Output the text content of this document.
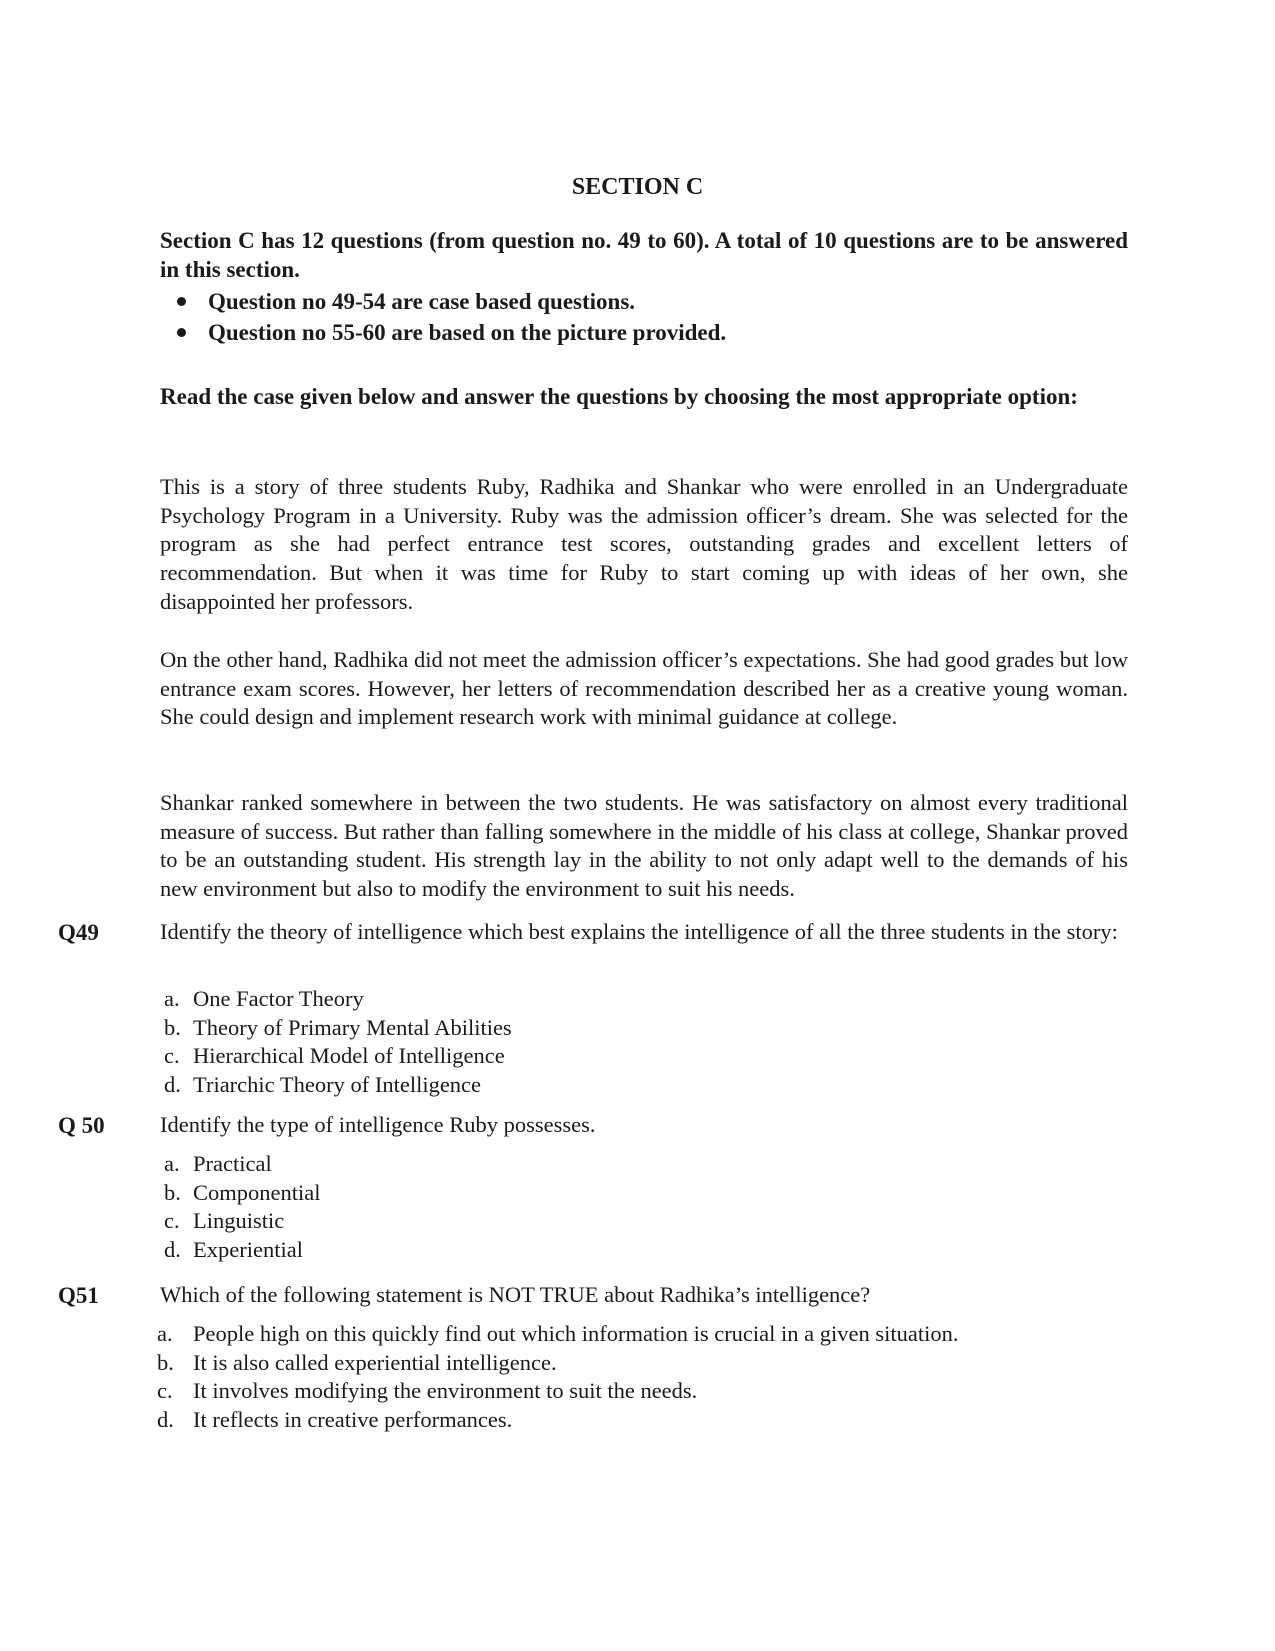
SECTION C
Section C has 12 questions (from question no. 49 to 60). A total of 10 questions are to be answered in this section.
Question no 49-54 are case based questions.
Question no 55-60 are based on the picture provided.
Read the case given below and answer the questions by choosing the most appropriate option:

This is a story of three students Ruby, Radhika and Shankar who were enrolled in an Undergraduate Psychology Program in a University. Ruby was the admission officer’s dream. She was selected for the program as she had perfect entrance test scores, outstanding grades and excellent letters of recommendation. But when it was time for Ruby to start coming up with ideas of her own, she disappointed her professors.

On the other hand, Radhika did not meet the admission officer’s expectations. She had good grades but low entrance exam scores. However, her letters of recommendation described her as a creative young woman. She could design and implement research work with minimal guidance at college.

Shankar ranked somewhere in between the two students. He was satisfactory on almost every traditional measure of success. But rather than falling somewhere in the middle of his class at college, Shankar proved to be an outstanding student. His strength lay in the ability to not only adapt well to the demands of his new environment but also to modify the environment to suit his needs.

Q49	Identify the theory of intelligence which best explains the intelligence of all the three students in the story:
a. One Factor Theory
b. Theory of Primary Mental Abilities
c. Hierarchical Model of Intelligence
d. Triarchic Theory of Intelligence
Q 50 Identify the type of intelligence Ruby possesses.
a. Practical
b. Componential
c. Linguistic
d. Experiential
Q51	Which of the following statement is NOT TRUE about Radhika’s intelligence?
a. People high on this quickly find out which information is crucial in a given situation.
b. It is also called experiential intelligence.
c. It involves modifying the environment to suit the needs.
d. It reflects in creative performances.
